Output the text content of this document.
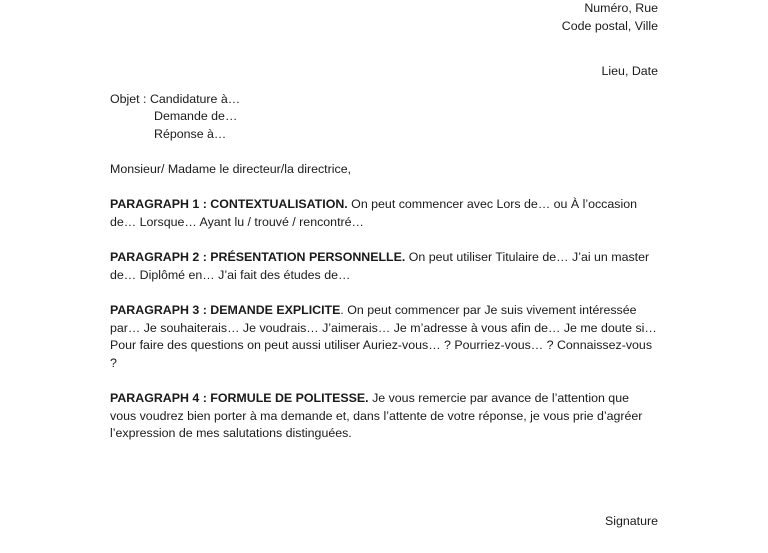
Numéro, Rue
Code postal, Ville
Lieu, Date
Objet : Candidature à…
Demande de…
Réponse à…
Monsieur/ Madame le directeur/la directrice,
PARAGRAPH 1 : CONTEXTUALISATION. On peut commencer avec Lors de… ou À l’occasion de… Lorsque… Ayant lu / trouvé / rencontré…
PARAGRAPH 2 : PRÉSENTATION PERSONNELLE. On peut utiliser Titulaire de… J’ai un master de… Diplômé en… J’ai fait des études de…
PARAGRAPH 3 : DEMANDE EXPLICITE. On peut commencer par Je suis vivement intéressée par… Je souhaiterais… Je voudrais… J’aimerais… Je m’adresse à vous afin de… Je me doute si… Pour faire des questions on peut aussi utiliser Auriez-vous… ? Pourriez-vous… ? Connaissez-vous ?
PARAGRAPH 4 : FORMULE DE POLITESSE. Je vous remercie par avance de l’attention que vous voudrez bien porter à ma demande et, dans l’attente de votre réponse, je vous prie d’agréer l’expression de mes salutations distinguées.
Signature
